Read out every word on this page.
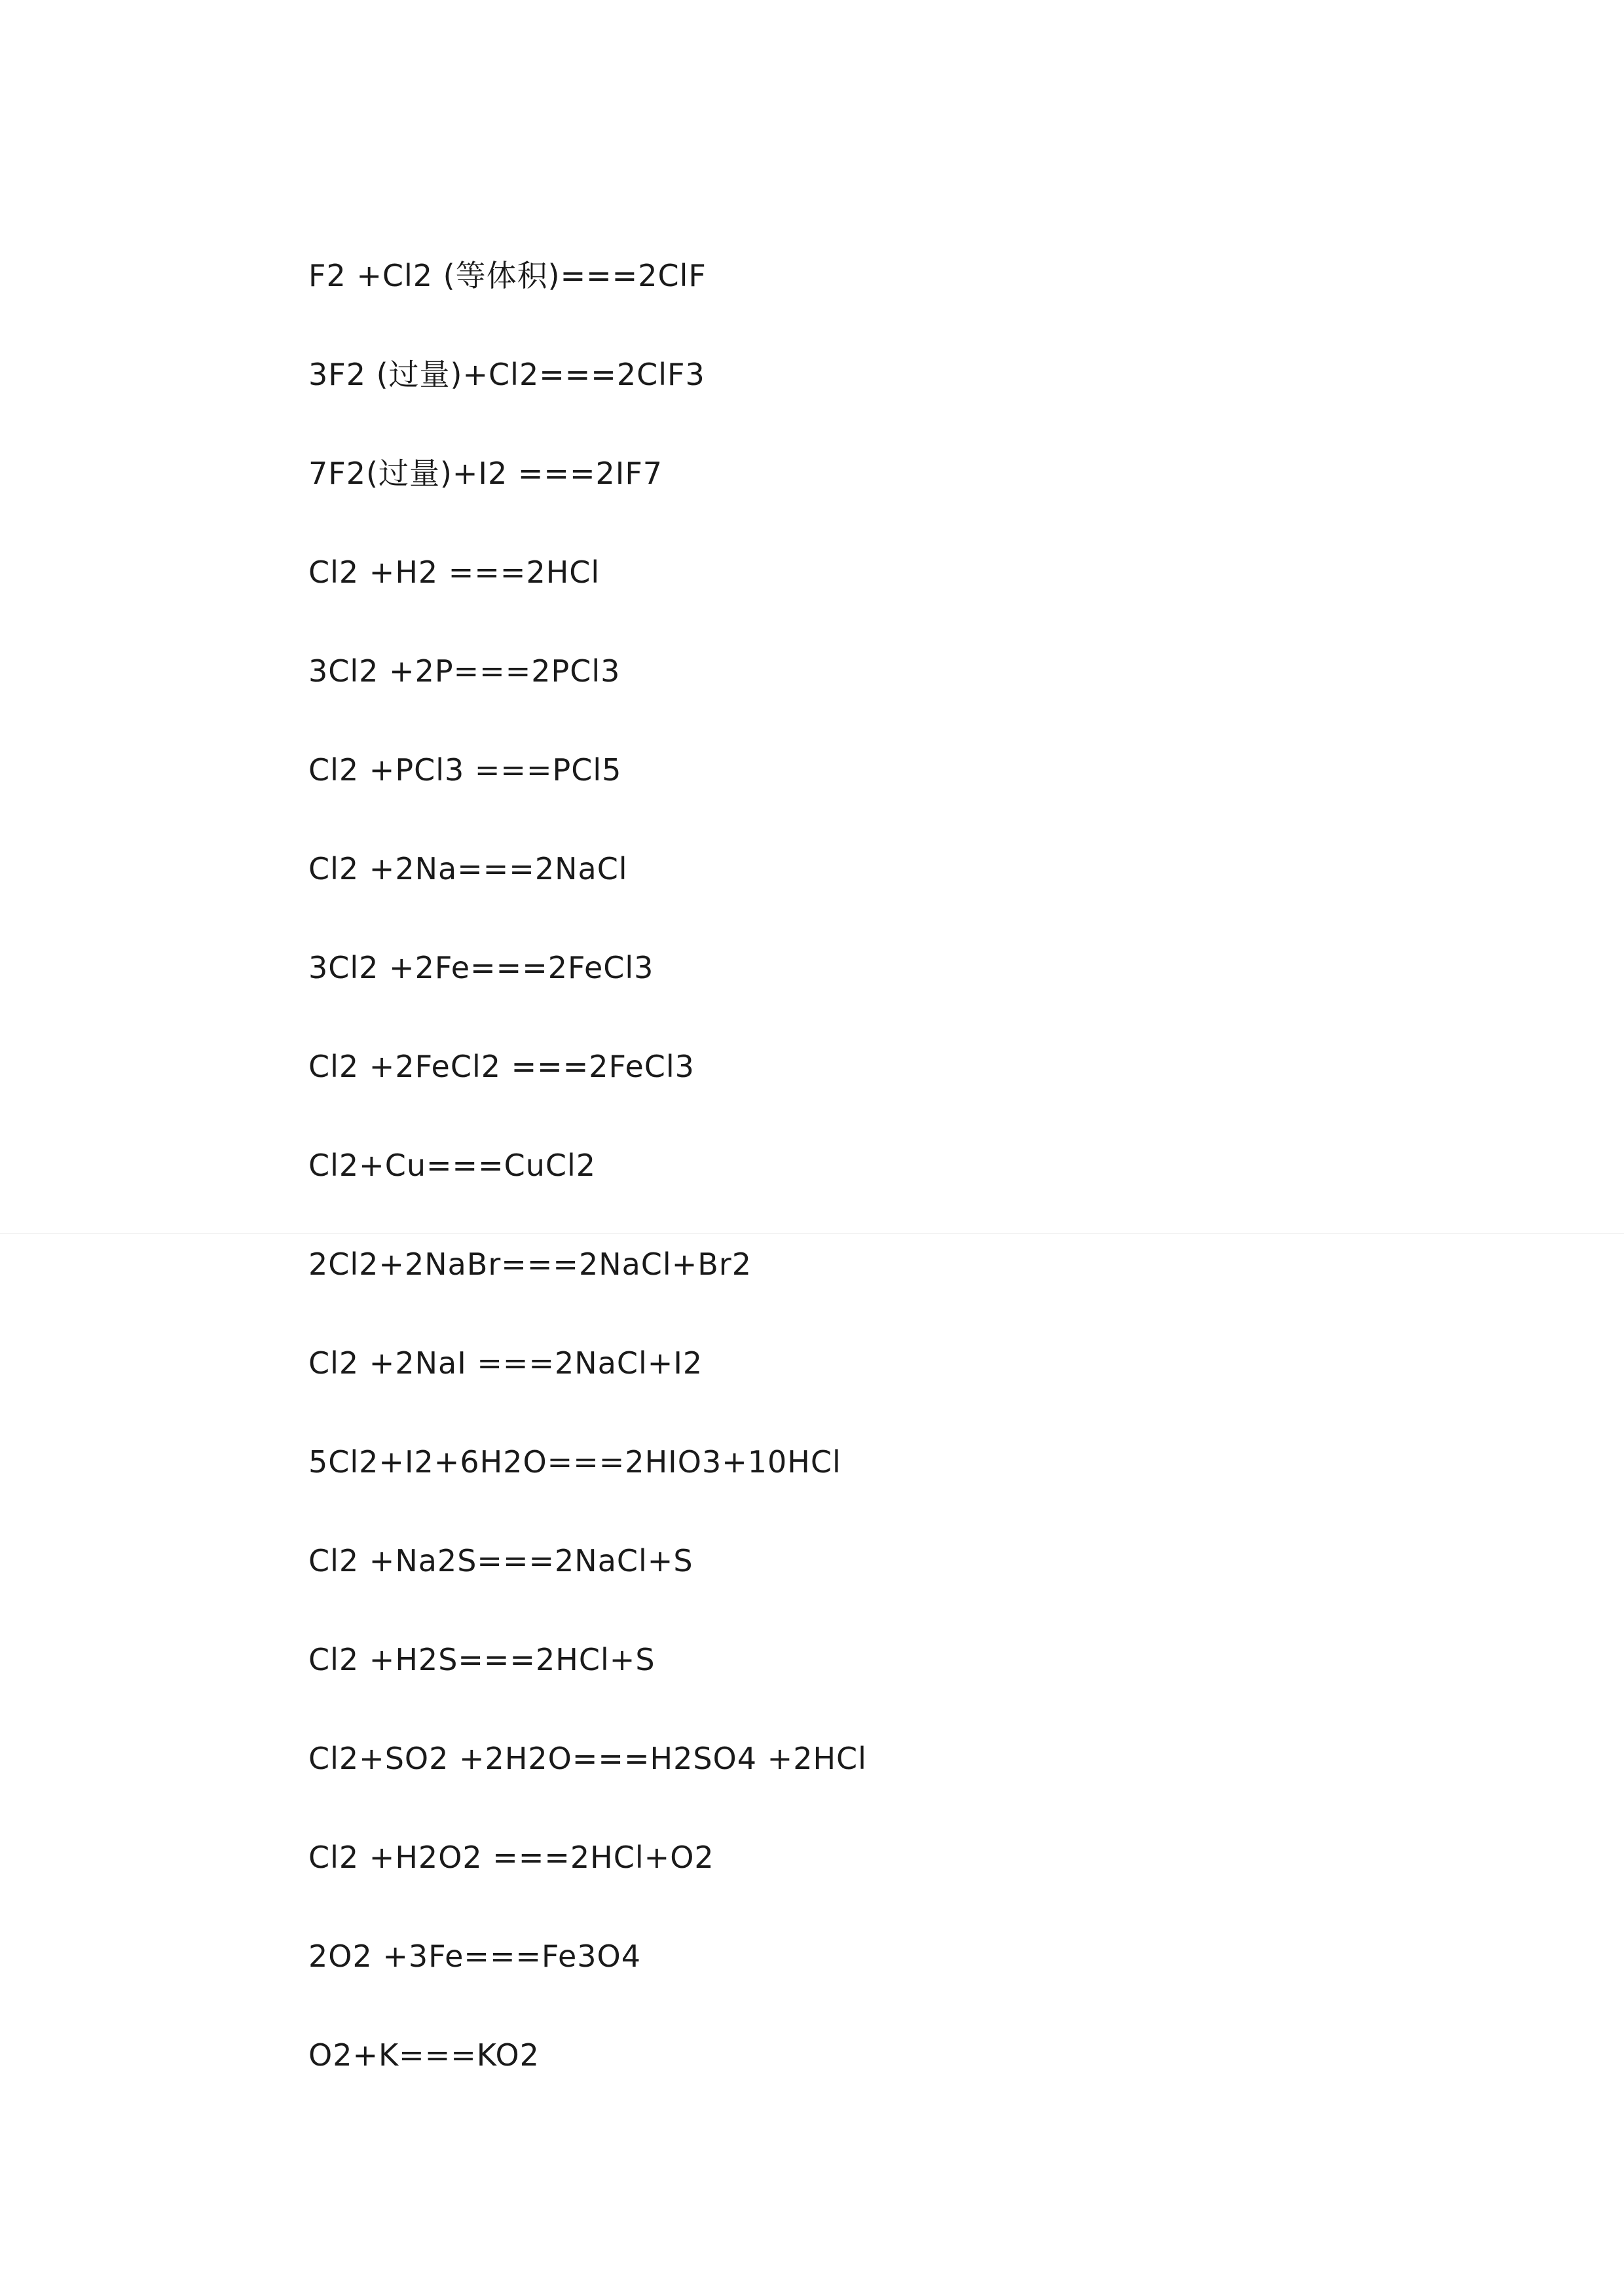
F2 +Cl2 (等体积)===2ClF
3F2 (过量)+Cl2===2ClF3
7F2(过量)+I2 ===2IF7
Cl2 +H2 ===2HCl
3Cl2 +2P===2PCl3
Cl2 +PCl3 ===PCl5
Cl2 +2Na===2NaCl
3Cl2 +2Fe===2FeCl3
Cl2 +2FeCl2 ===2FeCl3
Cl2+Cu===CuCl2
2Cl2+2NaBr===2NaCl+Br2
Cl2 +2NaI ===2NaCl+I2
5Cl2+I2+6H2O===2HIO3+10HCl
Cl2 +Na2S===2NaCl+S
Cl2 +H2S===2HCl+S
Cl2+SO2 +2H2O===H2SO4 +2HCl
Cl2 +H2O2 ===2HCl+O2
2O2 +3Fe===Fe3O4
O2+K===KO2
